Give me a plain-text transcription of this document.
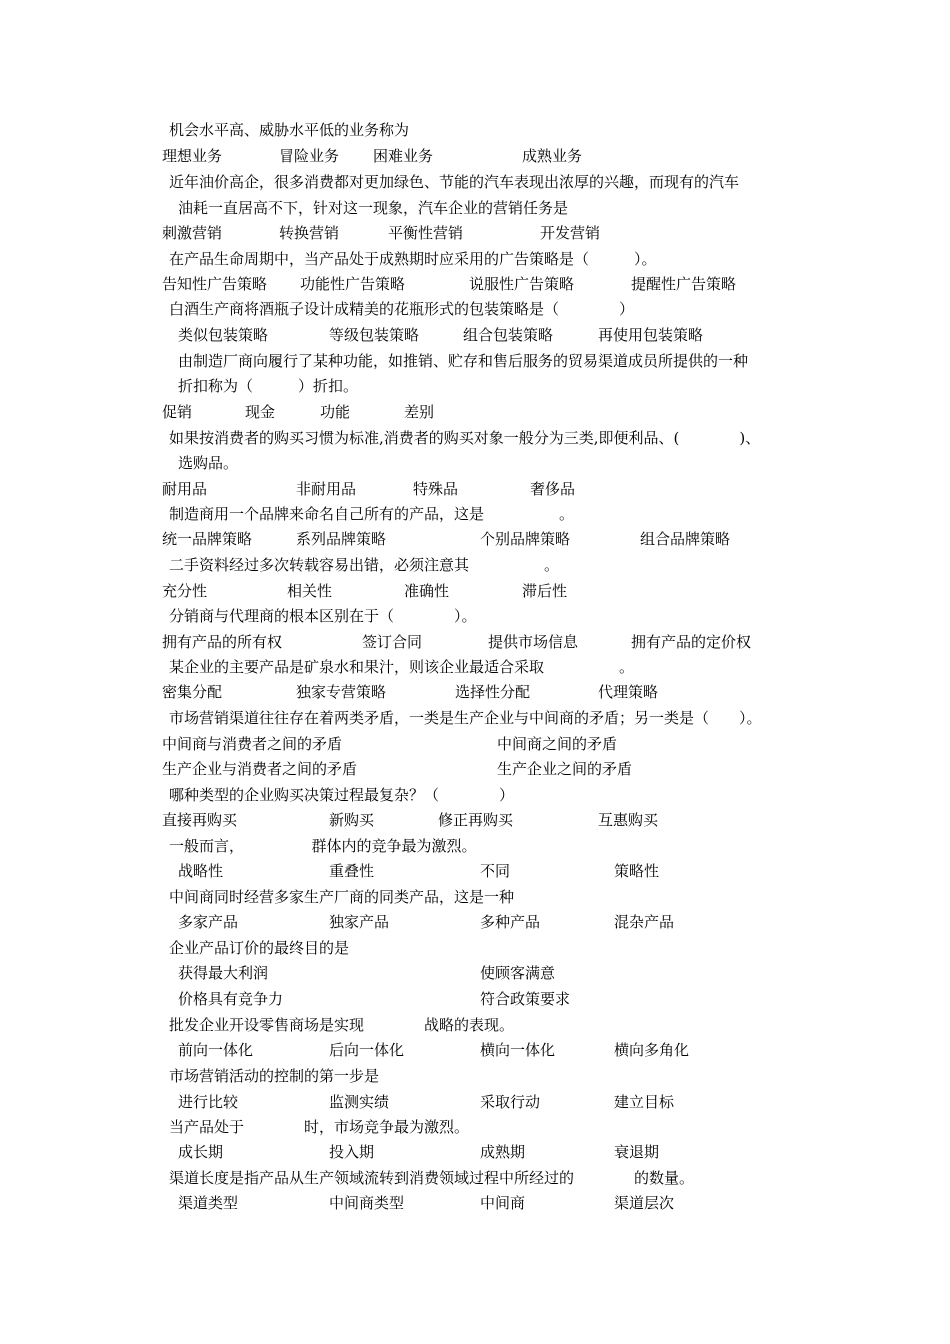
机会水平高、威胁水平低的业务称为
理想业务	冒险业务 困难业务	成熟业务
近年油价高企，很多消费都对更加绿色、节能的汽车表现出浓厚的兴趣，而现有的汽车
油耗一直居高不下，针对这一现象，汽车企业的营销任务是
刺激营销	转换营销	平衡性营销	开发营销
在产品生命周期中，当产品处于成熟期时应采用的广告策略是（　　　）。
告知性广告策略 功能性广告策略	说服性广告策略	提醒性广告策略
白酒生产商将酒瓶子设计成精美的花瓶形式的包装策略是（　　　　）
类似包装策略	等级包装策略	组合包装策略	再使用包装策略
由制造厂商向履行了某种功能，如推销、贮存和售后服务的贸易渠道成员所提供的一种
折扣称为（　　　）折扣。
促销	现金	功能	差别
如果按消费者的购买习惯为标准,消费者的购买对象一般分为三类,即便利品、(　　　　)、
选购品。
耐用品	非耐用品	特殊品	奢侈品
制造商用一个品牌来命名自己所有的产品，这是　　　　　。
统一品牌策略	系列品牌策略	个别品牌策略	组合品牌策略
二手资料经过多次转载容易出错，必须注意其　　　　　。
充分性	相关性	准确性	滞后性
分销商与代理商的根本区别在于（　　　　）。
拥有产品的所有权	签订合同	提供市场信息	拥有产品的定价权
某企业的主要产品是矿泉水和果汁，则该企业最适合采取　　　　　。
密集分配	独家专营策略	选择性分配	代理策略
市场营销渠道往往存在着两类矛盾，一类是生产企业与中间商的矛盾；另一类是（　　）。
中间商与消费者之间的矛盾	中间商之间的矛盾
生产企业与消费者之间的矛盾	生产企业之间的矛盾
哪种类型的企业购买决策过程最复杂？（　　　　）
直接再购买	新购买	修正再购买	互惠购买
一般而言，　　　　　群体内的竞争最为激烈。
战略性	重叠性	不同	策略性
中间商同时经营多家生产厂商的同类产品，这是一种
多家产品	独家产品	多种产品	混杂产品
企业产品订价的最终目的是
获得最大利润	使顾客满意
价格具有竞争力	符合政策要求
批发企业开设零售商场是实现　　　　战略的表现。
前向一体化	后向一体化	横向一体化	横向多角化
市场营销活动的控制的第一步是
进行比较	监测实绩	采取行动	建立目标
当产品处于　　　　时，市场竞争最为激烈。
成长期	投入期	成熟期	衰退期
渠道长度是指产品从生产领域流转到消费领域过程中所经过的　　　　的数量。
渠道类型	中间商类型	中间商	渠道层次
